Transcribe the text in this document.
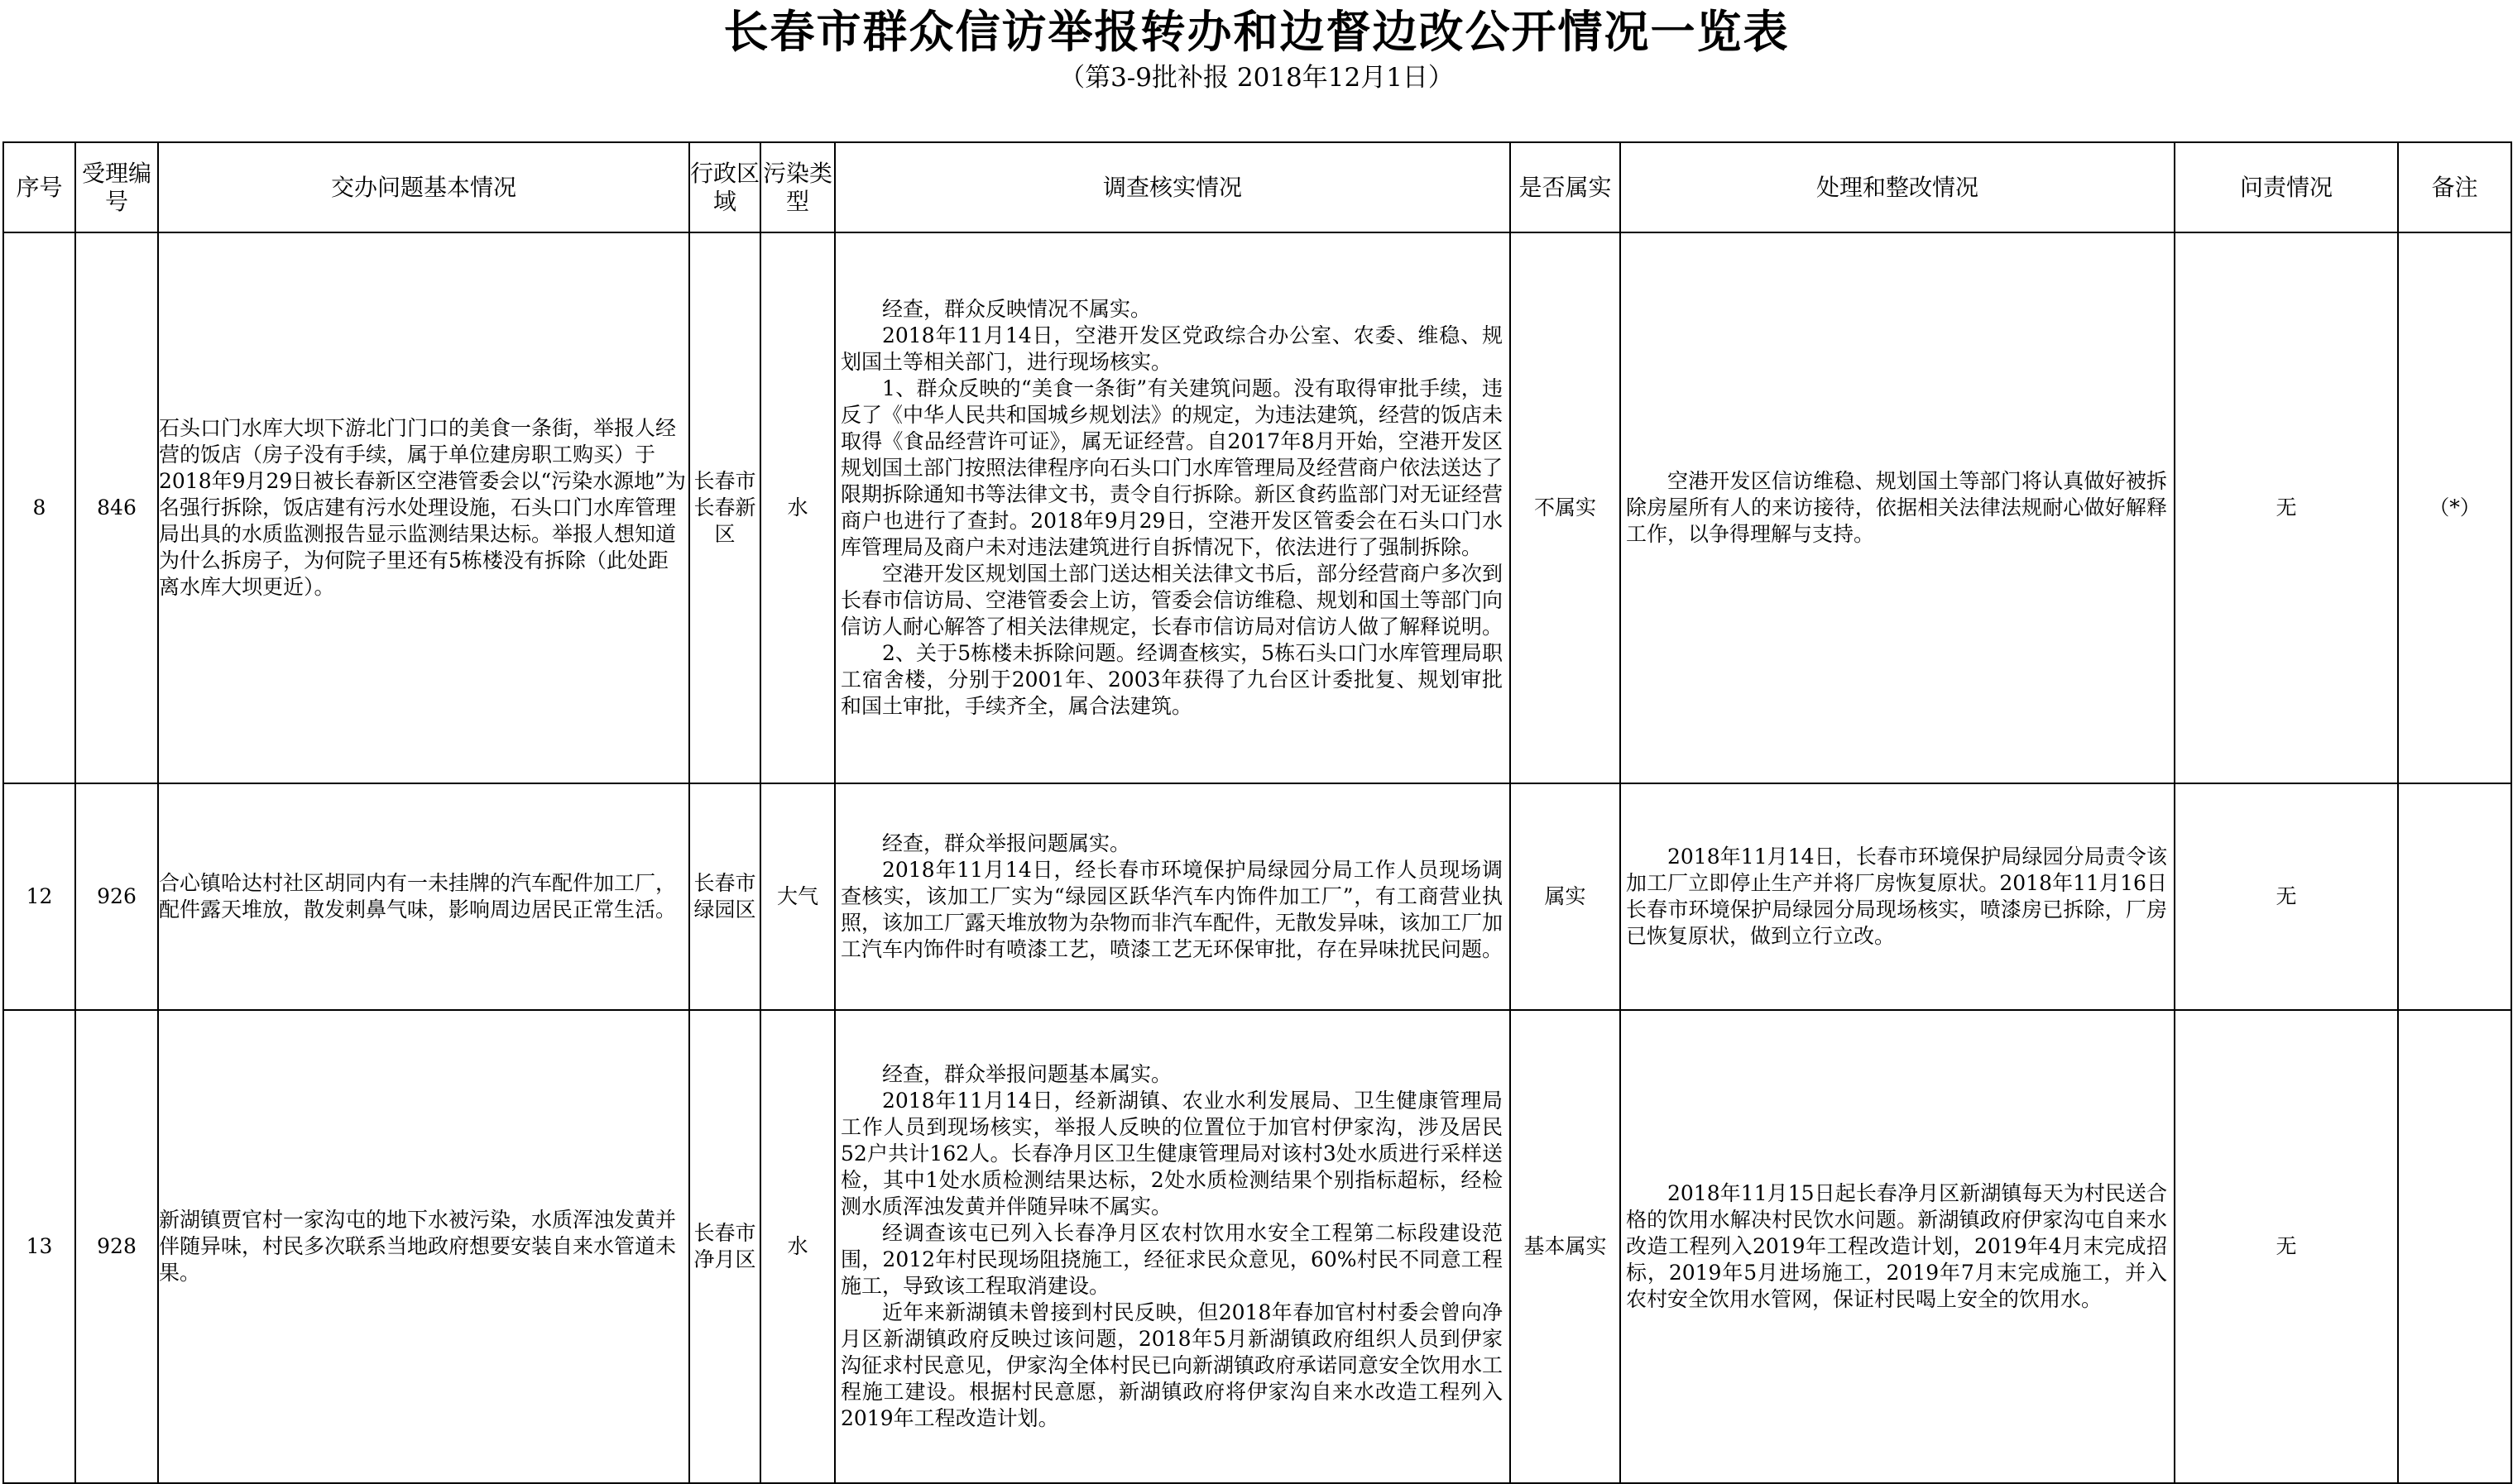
长春市群众信访举报转办和边督边改公开情况一览表
（第3-9批补报 2018年12月1日）
序号	受理编号	交办问题基本情况	行政区域	污染类型	调查核实情况	是否属实	处理和整改情况	问责情况	备注
8	846	石头口门水库大坝下游北门门口的美食一条街，举报人经营的饭店（房子没有手续，属于单位建房职工购买）于2018年9月29日被长春新区空港管委会以“污染水源地”为名强行拆除，饭店建有污水处理设施，石头口门水库管理局出具的水质监测报告显示监测结果达标。举报人想知道为什么拆房子，为何院子里还有5栋楼没有拆除（此处距离水库大坝更近）。	长春市长春新区	水	经查，群众反映情况不属实。
2018年11月14日，空港开发区党政综合办公室、农委、维稳、规划国土等相关部门，进行现场核实。
1、群众反映的“美食一条街”有关建筑问题。没有取得审批手续，违反了《中华人民共和国城乡规划法》的规定，为违法建筑，经营的饭店未取得《食品经营许可证》，属无证经营。自2017年8月开始，空港开发区规划国土部门按照法律程序向石头口门水库管理局及经营商户依法送达了限期拆除通知书等法律文书，责令自行拆除。新区食药监部门对无证经营商户也进行了查封。2018年9月29日，空港开发区管委会在石头口门水库管理局及商户未对违法建筑进行自拆情况下，依法进行了强制拆除。
空港开发区规划国土部门送达相关法律文书后，部分经营商户多次到长春市信访局、空港管委会上访，管委会信访维稳、规划和国土等部门向信访人耐心解答了相关法律规定，长春市信访局对信访人做了解释说明。
2、关于5栋楼未拆除问题。经调查核实，5栋石头口门水库管理局职工宿舍楼，分别于2001年、2003年获得了九台区计委批复、规划审批和国土审批，手续齐全，属合法建筑。	不属实	空港开发区信访维稳、规划国土等部门将认真做好被拆除房屋所有人的来访接待，依据相关法律法规耐心做好解释工作，以争得理解与支持。	无	（*）
12	926	合心镇哈达村社区胡同内有一未挂牌的汽车配件加工厂，配件露天堆放，散发刺鼻气味，影响周边居民正常生活。	长春市绿园区	大气	经查，群众举报问题属实。
2018年11月14日，经长春市环境保护局绿园分局工作人员现场调查核实，该加工厂实为“绿园区跃华汽车内饰件加工厂”，有工商营业执照，该加工厂露天堆放物为杂物而非汽车配件，无散发异味，该加工厂加工汽车内饰件时有喷漆工艺，喷漆工艺无环保审批，存在异味扰民问题。	属实	2018年11月14日，长春市环境保护局绿园分局责令该加工厂立即停止生产并将厂房恢复原状。2018年11月16日长春市环境保护局绿园分局现场核实，喷漆房已拆除，厂房已恢复原状，做到立行立改。	无	
13	928	新湖镇贾官村一家沟屯的地下水被污染，水质浑浊发黄并伴随异味，村民多次联系当地政府想要安装自来水管道未果。	长春市净月区	水	经查，群众举报问题基本属实。
2018年11月14日，经新湖镇、农业水利发展局、卫生健康管理局工作人员到现场核实，举报人反映的位置位于加官村伊家沟，涉及居民52户共计162人。长春净月区卫生健康管理局对该村3处水质进行采样送检，其中1处水质检测结果达标，2处水质检测结果个别指标超标，经检测水质浑浊发黄并伴随异味不属实。
经调查该屯已列入长春净月区农村饮用水安全工程第二标段建设范围，2012年村民现场阻挠施工，经征求民众意见，60%村民不同意工程施工，导致该工程取消建设。
近年来新湖镇未曾接到村民反映，但2018年春加官村村委会曾向净月区新湖镇政府反映过该问题，2018年5月新湖镇政府组织人员到伊家沟征求村民意见，伊家沟全体村民已向新湖镇政府承诺同意安全饮用水工程施工建设。根据村民意愿，新湖镇政府将伊家沟自来水改造工程列入2019年工程改造计划。	基本属实	2018年11月15日起长春净月区新湖镇每天为村民送合格的饮用水解决村民饮水问题。新湖镇政府伊家沟屯自来水改造工程列入2019年工程改造计划，2019年4月末完成招标，2019年5月进场施工，2019年7月末完成施工，并入农村安全饮用水管网，保证村民喝上安全的饮用水。	无	
